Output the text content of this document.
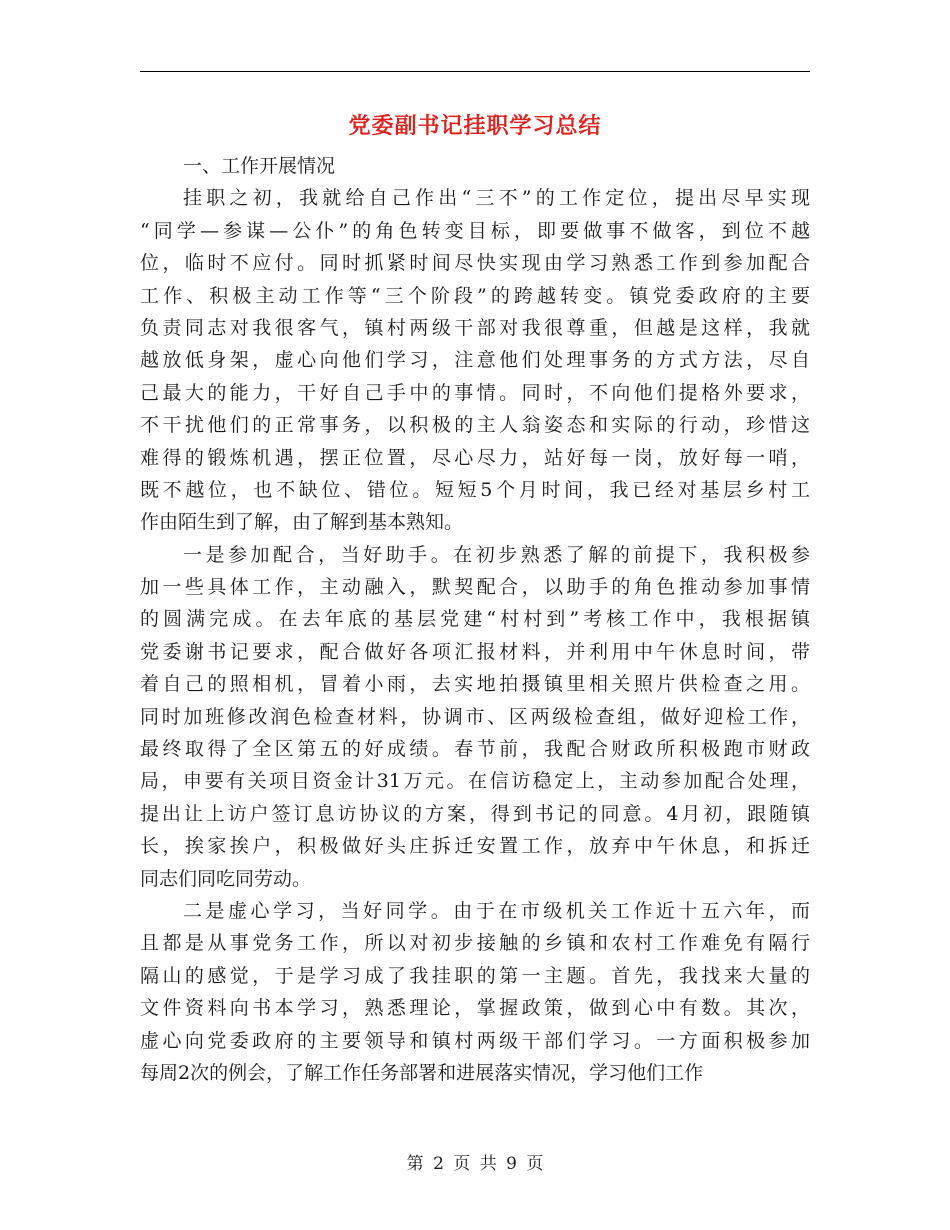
党委副书记挂职学习总结
一、工作开展情况
挂职之初，我就给自己作出“三不”的工作定位，提出尽早实现
“同学—参谋—公仆”的角色转变目标，即要做事不做客，到位不越
位，临时不应付。同时抓紧时间尽快实现由学习熟悉工作到参加配合
工作、积极主动工作等“三个阶段”的跨越转变。镇党委政府的主要
负责同志对我很客气，镇村两级干部对我很尊重，但越是这样，我就
越放低身架，虚心向他们学习，注意他们处理事务的方式方法，尽自
己最大的能力，干好自己手中的事情。同时，不向他们提格外要求，
不干扰他们的正常事务，以积极的主人翁姿态和实际的行动，珍惜这
难得的锻炼机遇，摆正位置，尽心尽力，站好每一岗，放好每一哨，
既不越位，也不缺位、错位。短短5个月时间，我已经对基层乡村工
作由陌生到了解，由了解到基本熟知。
一是参加配合，当好助手。在初步熟悉了解的前提下，我积极参
加一些具体工作，主动融入，默契配合，以助手的角色推动参加事情
的圆满完成。在去年底的基层党建“村村到”考核工作中，我根据镇
党委谢书记要求，配合做好各项汇报材料，并利用中午休息时间，带
着自己的照相机，冒着小雨，去实地拍摄镇里相关照片供检查之用。
同时加班修改润色检查材料，协调市、区两级检查组，做好迎检工作，
最终取得了全区第五的好成绩。春节前，我配合财政所积极跑市财政
局，申要有关项目资金计31万元。在信访稳定上，主动参加配合处理，
提出让上访户签订息访协议的方案，得到书记的同意。4月初，跟随镇
长，挨家挨户，积极做好头庄拆迁安置工作，放弃中午休息，和拆迁
同志们同吃同劳动。
二是虚心学习，当好同学。由于在市级机关工作近十五六年，而
且都是从事党务工作，所以对初步接触的乡镇和农村工作难免有隔行
隔山的感觉，于是学习成了我挂职的第一主题。首先，我找来大量的
文件资料向书本学习，熟悉理论，掌握政策，做到心中有数。其次，
虚心向党委政府的主要领导和镇村两级干部们学习。一方面积极参加
每周2次的例会，了解工作任务部署和进展落实情况，学习他们工作
第 2 页 共 9 页
